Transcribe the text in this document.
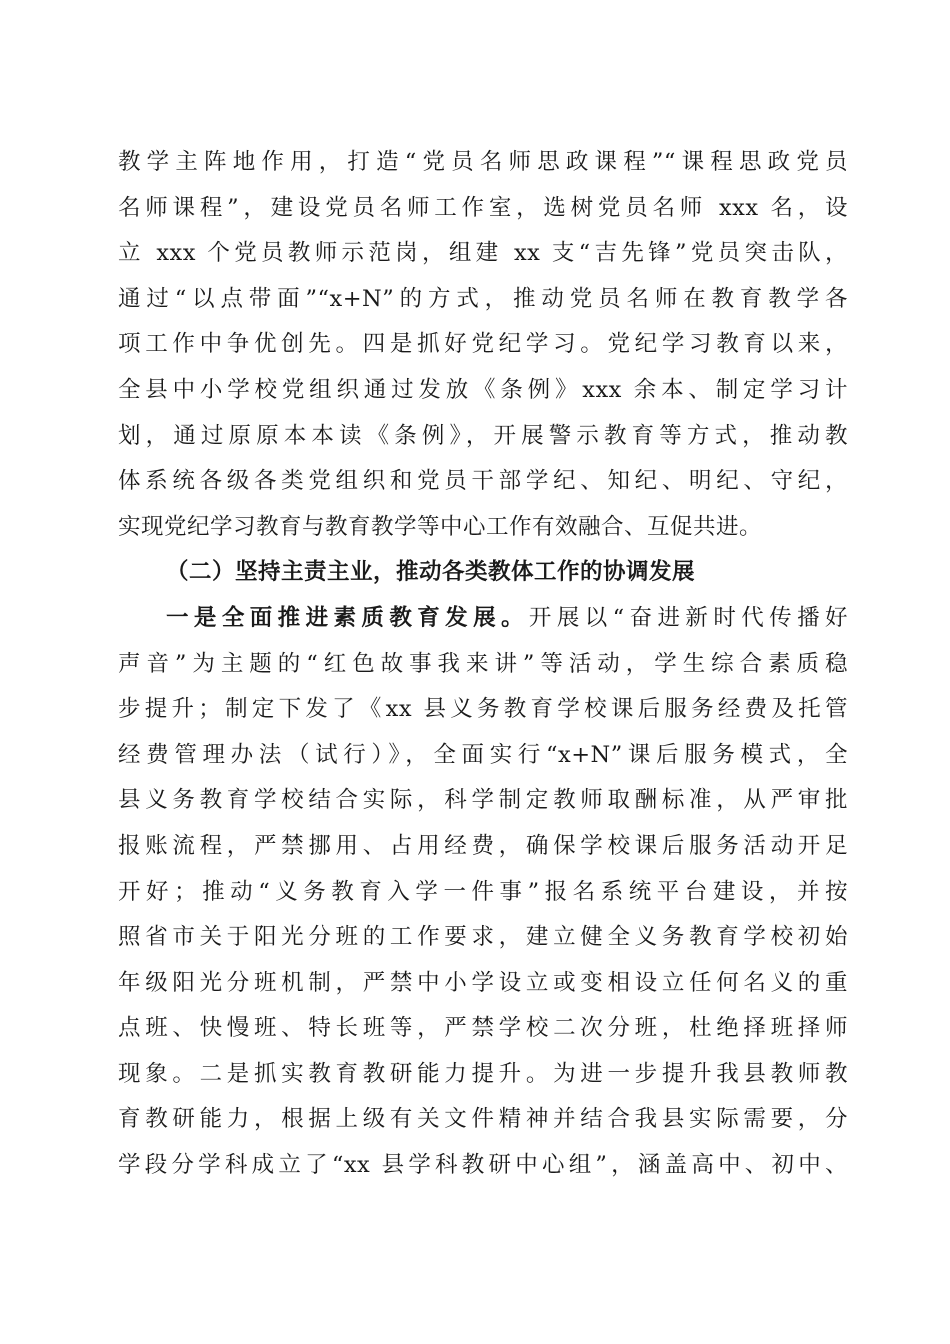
教学主阵地作用，打造“党员名师思政课程”“课程思政党员
名师课程”，建设党员名师工作室，选树党员名师 xxx 名，设
立 xxx 个党员教师示范岗，组建 xx 支“吉先锋”党员突击队，
通过“以点带面”“x+N”的方式，推动党员名师在教育教学各
项工作中争优创先。四是抓好党纪学习。党纪学习教育以来，
全县中小学校党组织通过发放《条例》xxx 余本、制定学习计
划，通过原原本本读《条例》，开展警示教育等方式，推动教
体系统各级各类党组织和党员干部学纪、知纪、明纪、守纪，
实现党纪学习教育与教育教学等中心工作有效融合、互促共进。
（二）坚持主责主业，推动各类教体工作的协调发展
一是全面推进素质教育发展。开展以“奋进新时代传播好
声音”为主题的“红色故事我来讲”等活动，学生综合素质稳
步提升；制定下发了《xx 县义务教育学校课后服务经费及托管
经费管理办法（试行）》，全面实行“x+N”课后服务模式，全
县义务教育学校结合实际，科学制定教师取酬标准，从严审批
报账流程，严禁挪用、占用经费，确保学校课后服务活动开足
开好；推动“义务教育入学一件事”报名系统平台建设，并按
照省市关于阳光分班的工作要求，建立健全义务教育学校初始
年级阳光分班机制，严禁中小学设立或变相设立任何名义的重
点班、快慢班、特长班等，严禁学校二次分班，杜绝择班择师
现象。二是抓实教育教研能力提升。为进一步提升我县教师教
育教研能力，根据上级有关文件精神并结合我县实际需要，分
学段分学科成立了“xx 县学科教研中心组”，涵盖高中、初中、
